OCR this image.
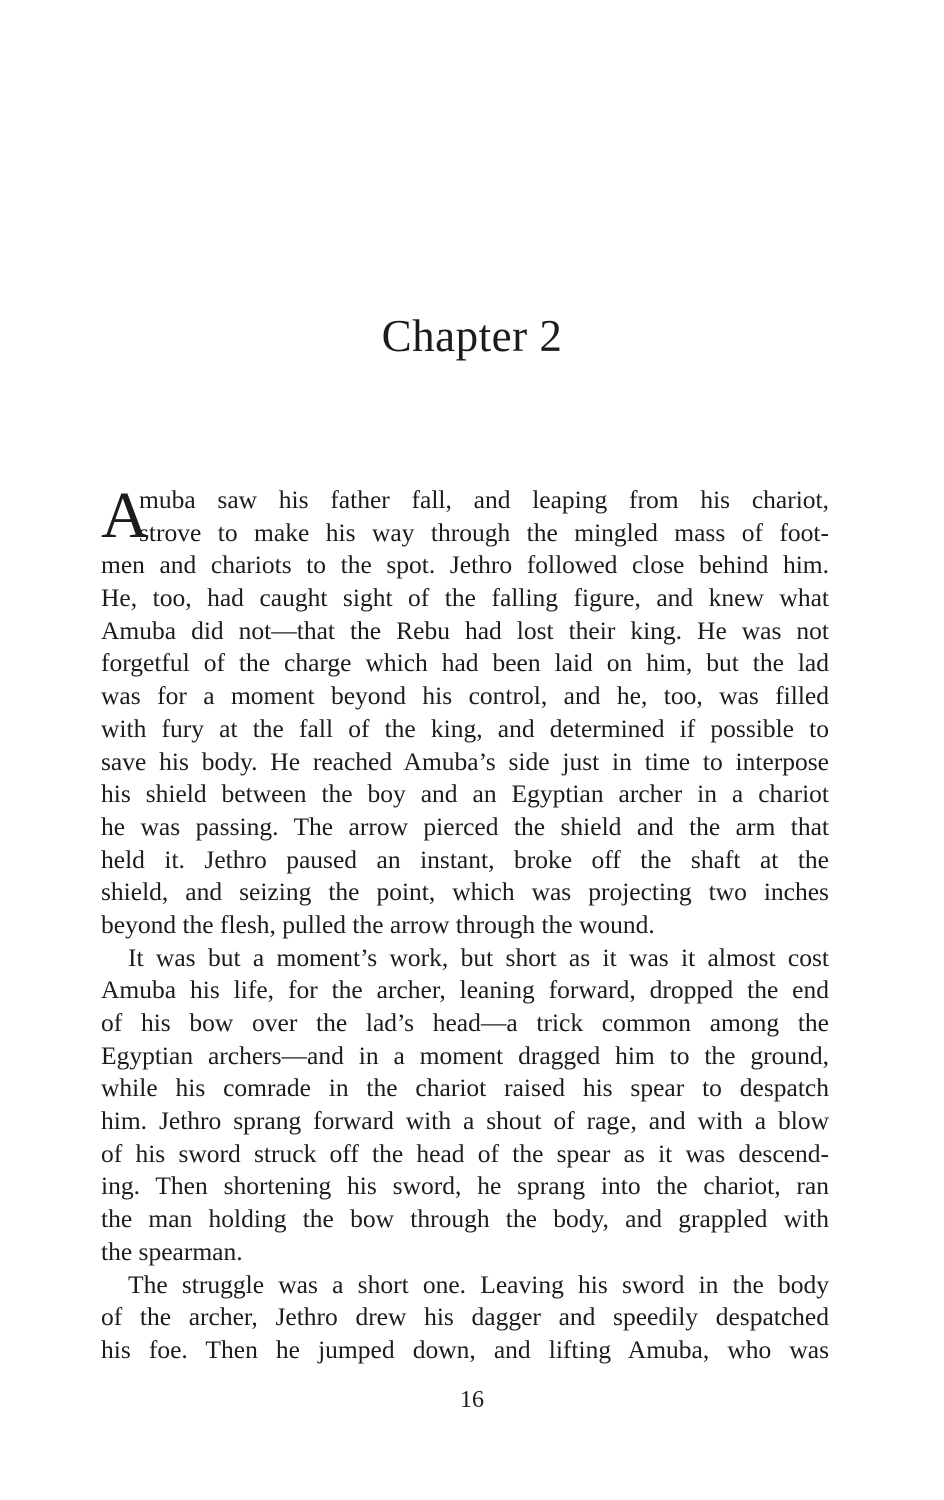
Chapter 2
A
muba saw his father fall, and leaping from his chariot,
strove to make his way through the mingled mass of foot-
men and chariots to the spot. Jethro followed close behind him.
He, too, had caught sight of the falling figure, and knew what
Amuba did not—that the Rebu had lost their king. He was not
forgetful of the charge which had been laid on him, but the lad
was for a moment beyond his control, and he, too, was filled
with fury at the fall of the king, and determined if possible to
save his body. He reached Amuba’s side just in time to interpose
his shield between the boy and an Egyptian archer in a chariot
he was passing. The arrow pierced the shield and the arm that
held it. Jethro paused an instant, broke off the shaft at the
shield, and seizing the point, which was projecting two inches
beyond the flesh, pulled the arrow through the wound.
It was but a moment’s work, but short as it was it almost cost
Amuba his life, for the archer, leaning forward, dropped the end
of his bow over the lad’s head—a trick common among the
Egyptian archers—and in a moment dragged him to the ground,
while his comrade in the chariot raised his spear to despatch
him. Jethro sprang forward with a shout of rage, and with a blow
of his sword struck off the head of the spear as it was descend-
ing. Then shortening his sword, he sprang into the chariot, ran
the man holding the bow through the body, and grappled with
the spearman.
The struggle was a short one. Leaving his sword in the body
of the archer, Jethro drew his dagger and speedily despatched
his foe. Then he jumped down, and lifting Amuba, who was
16
